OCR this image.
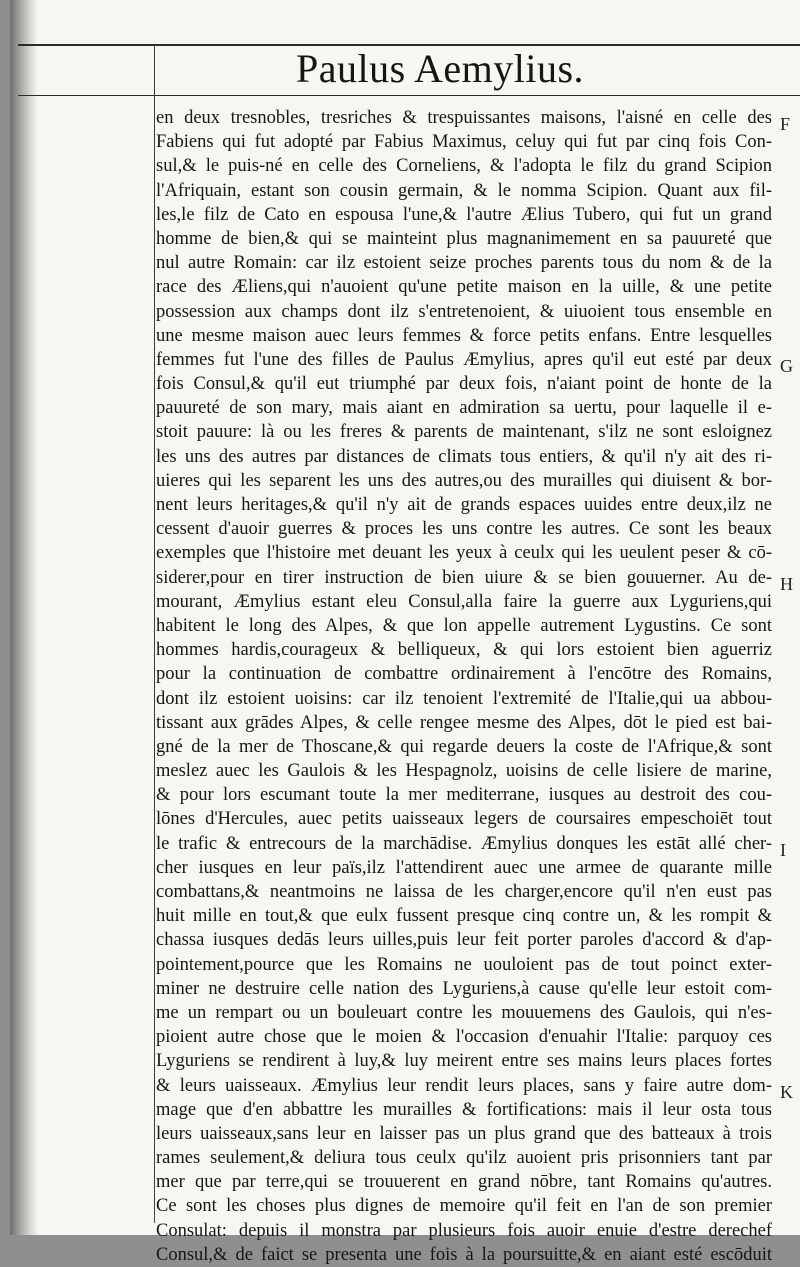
Paulus Aemylius.
en deux tresnobles, tresriches & trespuissantes maisons, l'aisné en celle des
Fabiens qui fut adopté par Fabius Maximus, celuy qui fut par cinq fois Con-
sul,& le puis-né en celle des Corneliens, & l'adopta le filz du grand Scipion
l'Afriquain, estant son cousin germain, & le nomma Scipion. Quant aux fil-
les,le filz de Cato en espousa l'une,& l'autre Ælius Tubero, qui fut un grand
homme de bien,& qui se mainteint plus magnanimement en sa pauureté que
nul autre Romain: car ilz estoient seize proches parents tous du nom & de la
race des Æliens,qui n'auoient qu'une petite maison en la uille, & une petite
possession aux champs dont ilz s'entretenoient, & uiuoient tous ensemble en
une mesme maison auec leurs femmes & force petits enfans. Entre lesquelles
femmes fut l'une des filles de Paulus Æmylius, apres qu'il eut esté par deux
fois Consul,& qu'il eut triumphé par deux fois, n'aiant point de honte de la
pauureté de son mary, mais aiant en admiration sa uertu, pour laquelle il e-
stoit pauure: là ou les freres & parents de maintenant, s'ilz ne sont esloignez
les uns des autres par distances de climats tous entiers, & qu'il n'y ait des ri-
uieres qui les separent les uns des autres,ou des murailles qui diuisent & bor-
nent leurs heritages,& qu'il n'y ait de grands espaces uuides entre deux,ilz ne
cessent d'auoir guerres & proces les uns contre les autres. Ce sont les beaux
exemples que l'histoire met deuant les yeux à ceulx qui les ueulent peser & cō-
siderer,pour en tirer instruction de bien uiure & se bien gouuerner. Au de-
mourant, Æmylius estant eleu Consul,alla faire la guerre aux Lyguriens,qui
habitent le long des Alpes, & que lon appelle autrement Lygustins. Ce sont
hommes hardis,courageux & belliqueux, & qui lors estoient bien aguerriz
pour la continuation de combattre ordinairement à l'encōtre des Romains,
dont ilz estoient uoisins: car ilz tenoient l'extremité de l'Italie,qui ua abbou-
tissant aux grādes Alpes, & celle rengee mesme des Alpes, dōt le pied est bai-
gné de la mer de Thoscane,& qui regarde deuers la coste de l'Afrique,& sont
meslez auec les Gaulois & les Hespagnolz, uoisins de celle lisiere de marine,
& pour lors escumant toute la mer mediterrane, iusques au destroit des cou-
lōnes d'Hercules, auec petits uaisseaux legers de coursaires empeschoiēt tout
le trafic & entrecours de la marchādise. Æmylius donques les estāt allé cher-
cher iusques en leur païs,ilz l'attendirent auec une armee de quarante mille
combattans,& neantmoins ne laissa de les charger,encore qu'il n'en eust pas
huit mille en tout,& que eulx fussent presque cinq contre un, & les rompit &
chassa iusques dedās leurs uilles,puis leur feit porter paroles d'accord & d'ap-
pointement,pource que les Romains ne uouloient pas de tout poinct exter-
miner ne destruire celle nation des Lyguriens,à cause qu'elle leur estoit com-
me un rempart ou un bouleuart contre les mouuemens des Gaulois, qui n'es-
pioient autre chose que le moien & l'occasion d'enuahir l'Italie: parquoy ces
Lyguriens se rendirent à luy,& luy meirent entre ses mains leurs places fortes
& leurs uaisseaux. Æmylius leur rendit leurs places, sans y faire autre dom-
mage que d'en abbattre les murailles & fortifications: mais il leur osta tous
leurs uaisseaux,sans leur en laisser pas un plus grand que des batteaux à trois
rames seulement,& deliura tous ceulx qu'ilz auoient pris prisonniers tant par
mer que par terre,qui se trouuerent en grand nōbre, tant Romains qu'autres.
Ce sont les choses plus dignes de memoire qu'il feit en l'an de son premier
Consulat: depuis il monstra par plusieurs fois auoir enuie d'estre derechef
Consul,& de faict se presenta une fois à la poursuitte,& en aiant esté escōduit
F
G
H
I
K
